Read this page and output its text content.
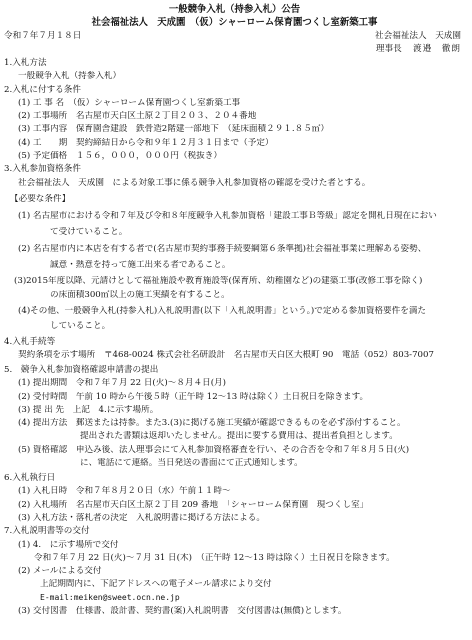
一般競争入札（持参入札）公告
社会福祉法人　天成園　（仮）シャーローム保育園つくし室新築工事
令和７年７月１８日	社会福祉法人　天成園
理事長　 渡邉　徹朗
1.入札方法
一般競争入札（持参入札）
2.入札に付する条件
(1) 工 事 名　（仮）シャーローム保育園つくし室新築工事
(2) 工事場所　名古屋市天白区土原２丁目２０３、２０４番地
(3) 工事内容　保育園舎建設　鉄骨造2階建一部地下　（延床面積２９１.８５㎡）
(4) 工　　期　契約締結日から令和９年１２月３１日まで（予定）
(5) 予定価格　１５６，０００，０００円（税抜き）
3.入札参加資格条件
社会福祉法人　天成園　による対象工事に係る競争入札参加資格の確認を受けた者とする。
【必要な条件】
(1) 名古屋市における令和７年及び令和８年度競争入札参加資格「建設工事Ｂ等級」認定を開札日現在におい
て受けていること。
(2) 名古屋市内に本店を有する者で(名古屋市契約事務手続要綱第６条準拠)社会福祉事業に理解ある姿勢、
誠意・熱意を持って施工出来る者であること。
(3)2015年度以降、元請けとして福祉施設や教育施設等(保育所、幼稚園など)の建築工事(改修工事を除く)
の床面積300㎡以上の施工実績を有すること。
(4)その他、一般競争入札(持参入札)入札説明書(以下「入札説明書」という。)で定める参加資格要件を満た
していること。
4.入札手続等
契約条項を示す場所　〒468-0024 株式会社名研設計　名古屋市天白区大根町 90　電話（052）803-7007
5.　競争入札参加資格確認申請書の提出
(1) 提出期間　令和７年７月 22 日(火)～８月４日(月)
(2) 受付時間　午前 10 時から午後５時（正午時 12～13 時は除く）土日祝日を除きます。
(3) 提 出 先　上記　4.に示す場所。
(4) 提出方法　郵送または持参。また3.(3)に掲げる施工実績が確認できるものを必ず添付すること。
提出された書類は返却いたしません。提出に要する費用は、提出者負担とします。
(5) 資格確認　申込み後、法人理事会にて入札参加資格審査を行い、その合否を令和７年８月５日(火)
に、電話にて連絡。当日発送の書面にて正式通知します。
6.入札執行日
(1) 入札日時　令和７年８月２０日（水）午前１１時～
(2) 入札場所　名古屋市天白区土原２丁目 209 番地　「シャーローム保育園　現つくし室」
(3) 入札方法・落札者の決定　入札説明書に掲げる方法による。
7.入札説明書等の交付
(1) 4.　に示す場所で交付
令和７年７月 22 日(火)～７月 31 日(木)　（正午時 12～13 時は除く）土日祝日を除きます。
(2) メールによる交付
上記期間内に、下記アドレスへの電子メール請求により交付
E-mail:meiken@sweet.ocn.ne.jp
(3) 交付図書　仕様書、設計書、契約書(案)入札説明書　交付図書は(無償)とします。
